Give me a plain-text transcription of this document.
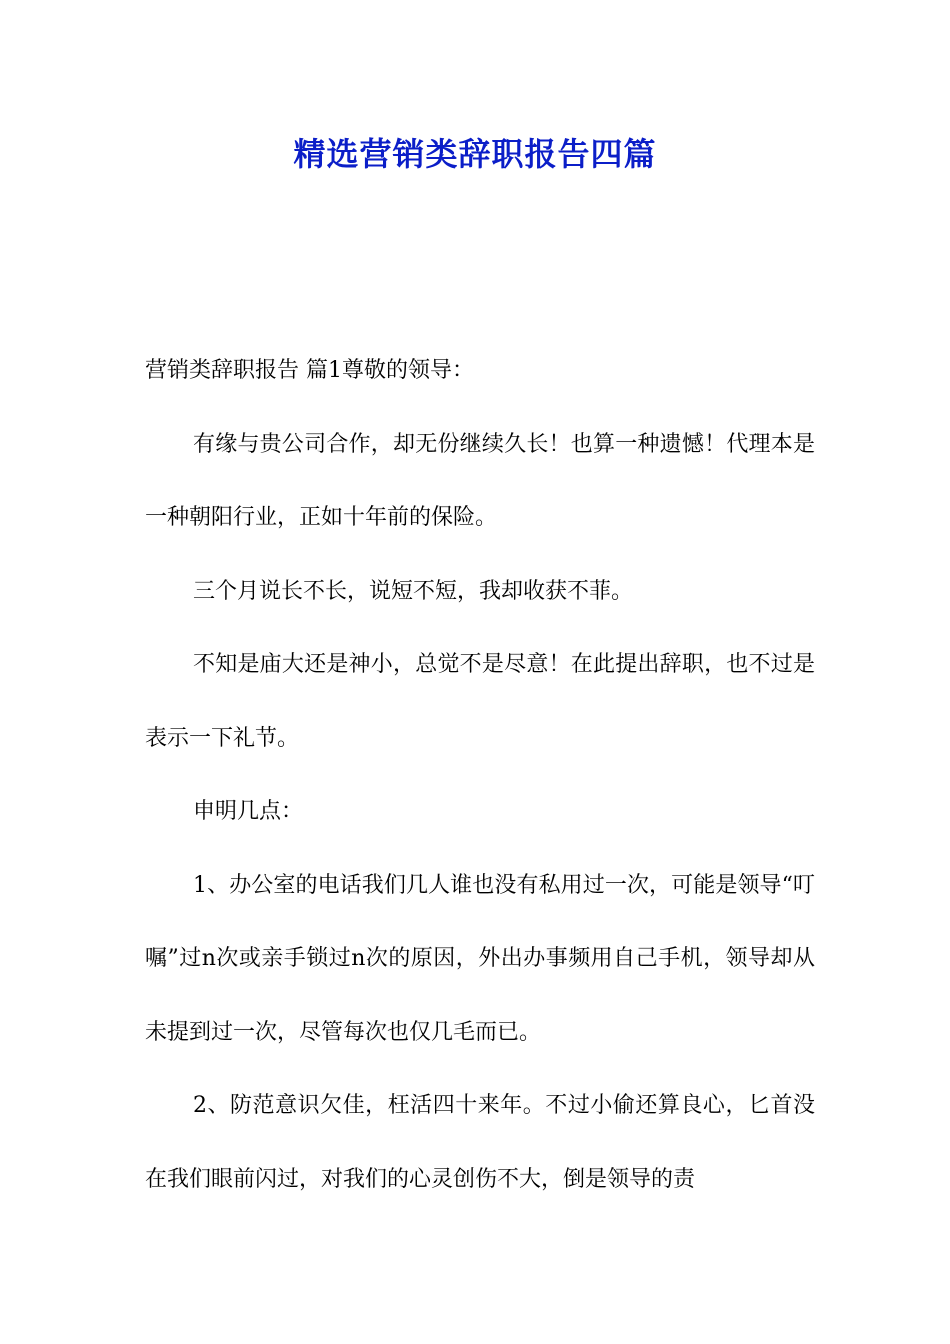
精选营销类辞职报告四篇

营销类辞职报告 篇1尊敬的领导：

有缘与贵公司合作，却无份继续久长！也算一种遗憾！代理本是一种朝阳行业，正如十年前的保险。

三个月说长不长，说短不短，我却收获不菲。

不知是庙大还是神小，总觉不是尽意！在此提出辞职，也不过是表示一下礼节。

申明几点：

1、办公室的电话我们几人谁也没有私用过一次，可能是领导“叮嘱”过n次或亲手锁过n次的原因，外出办事频用自己手机，领导却从未提到过一次，尽管每次也仅几毛而已。

2、防范意识欠佳，枉活四十来年。不过小偷还算良心，匕首没在我们眼前闪过，对我们的心灵创伤不大，倒是领导的责
